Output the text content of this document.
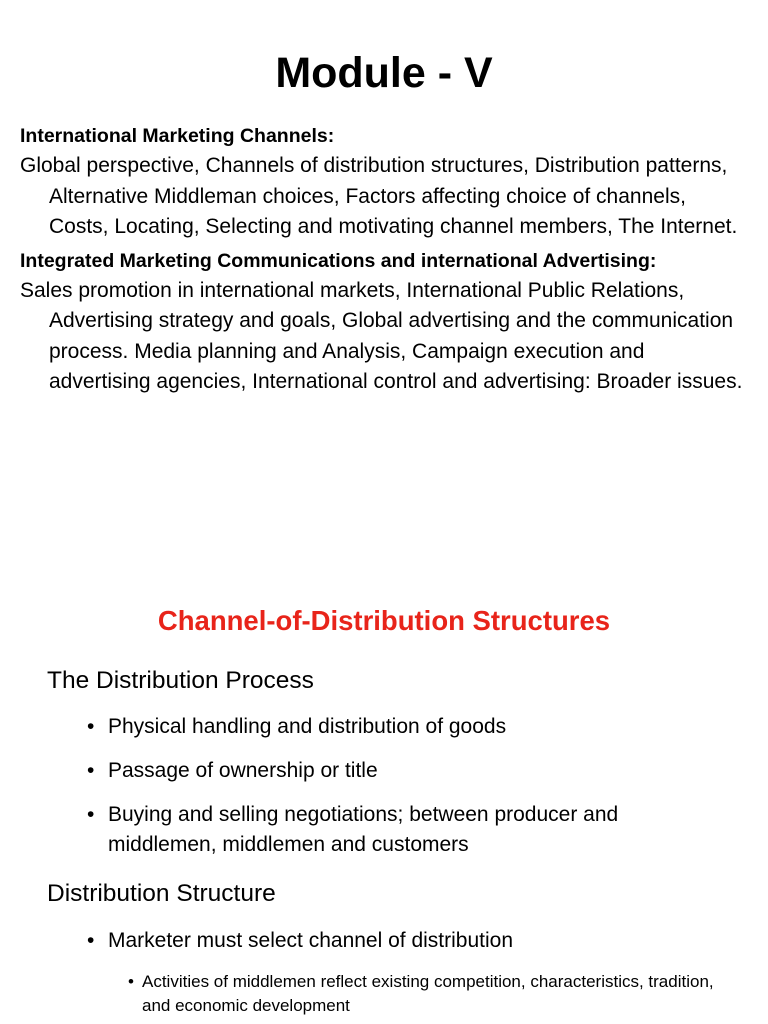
Module - V

International Marketing Channels:

Global perspective, Channels of distribution structures, Distribution patterns, Alternative Middleman choices, Factors affecting choice of channels, Costs, Locating, Selecting and motivating channel members, The Internet.

Integrated Marketing Communications and international Advertising:

Sales promotion in international markets, International Public Relations, Advertising strategy and goals, Global advertising and the communication process. Media planning and Analysis, Campaign execution and advertising agencies, International control and advertising: Broader issues.

Channel-of-Distribution Structures
The Distribution Process
• Physical handling and distribution of goods
• Passage of ownership or title
• Buying and selling negotiations; between producer and middlemen, middlemen and customers
Distribution Structure
• Marketer must select channel of distribution
• Activities of middlemen reflect existing competition, characteristics, tradition, and economic development
